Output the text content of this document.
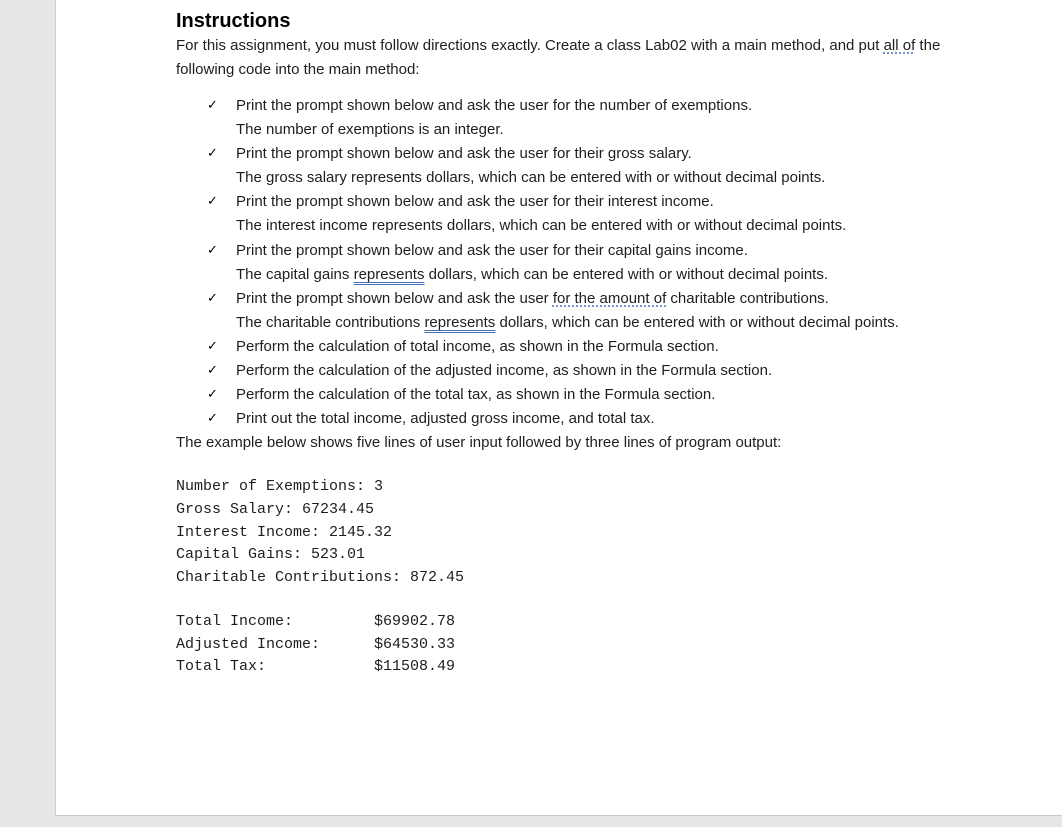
Instructions

For this assignment, you must follow directions exactly. Create a class Lab02 with a main method, and put all of the following code into the main method:

✓ Print the prompt shown below and ask the user for the number of exemptions.
The number of exemptions is an integer.
✓ Print the prompt shown below and ask the user for their gross salary.
The gross salary represents dollars, which can be entered with or without decimal points.
✓ Print the prompt shown below and ask the user for their interest income.
The interest income represents dollars, which can be entered with or without decimal points.
✓ Print the prompt shown below and ask the user for their capital gains income.
The capital gains represents dollars, which can be entered with or without decimal points.
✓ Print the prompt shown below and ask the user for the amount of charitable contributions.
The charitable contributions represents dollars, which can be entered with or without decimal points.
✓ Perform the calculation of total income, as shown in the Formula section.
✓ Perform the calculation of the adjusted income, as shown in the Formula section.
✓ Perform the calculation of the total tax, as shown in the Formula section.
✓ Print out the total income, adjusted gross income, and total tax.

The example below shows five lines of user input followed by three lines of program output:

Number of Exemptions: 3
Gross Salary: 67234.45
Interest Income: 2145.32
Capital Gains: 523.01
Charitable Contributions: 872.45
Total Income:	$69902.78
Adjusted Income:	$64530.33
Total Tax:	$11508.49
